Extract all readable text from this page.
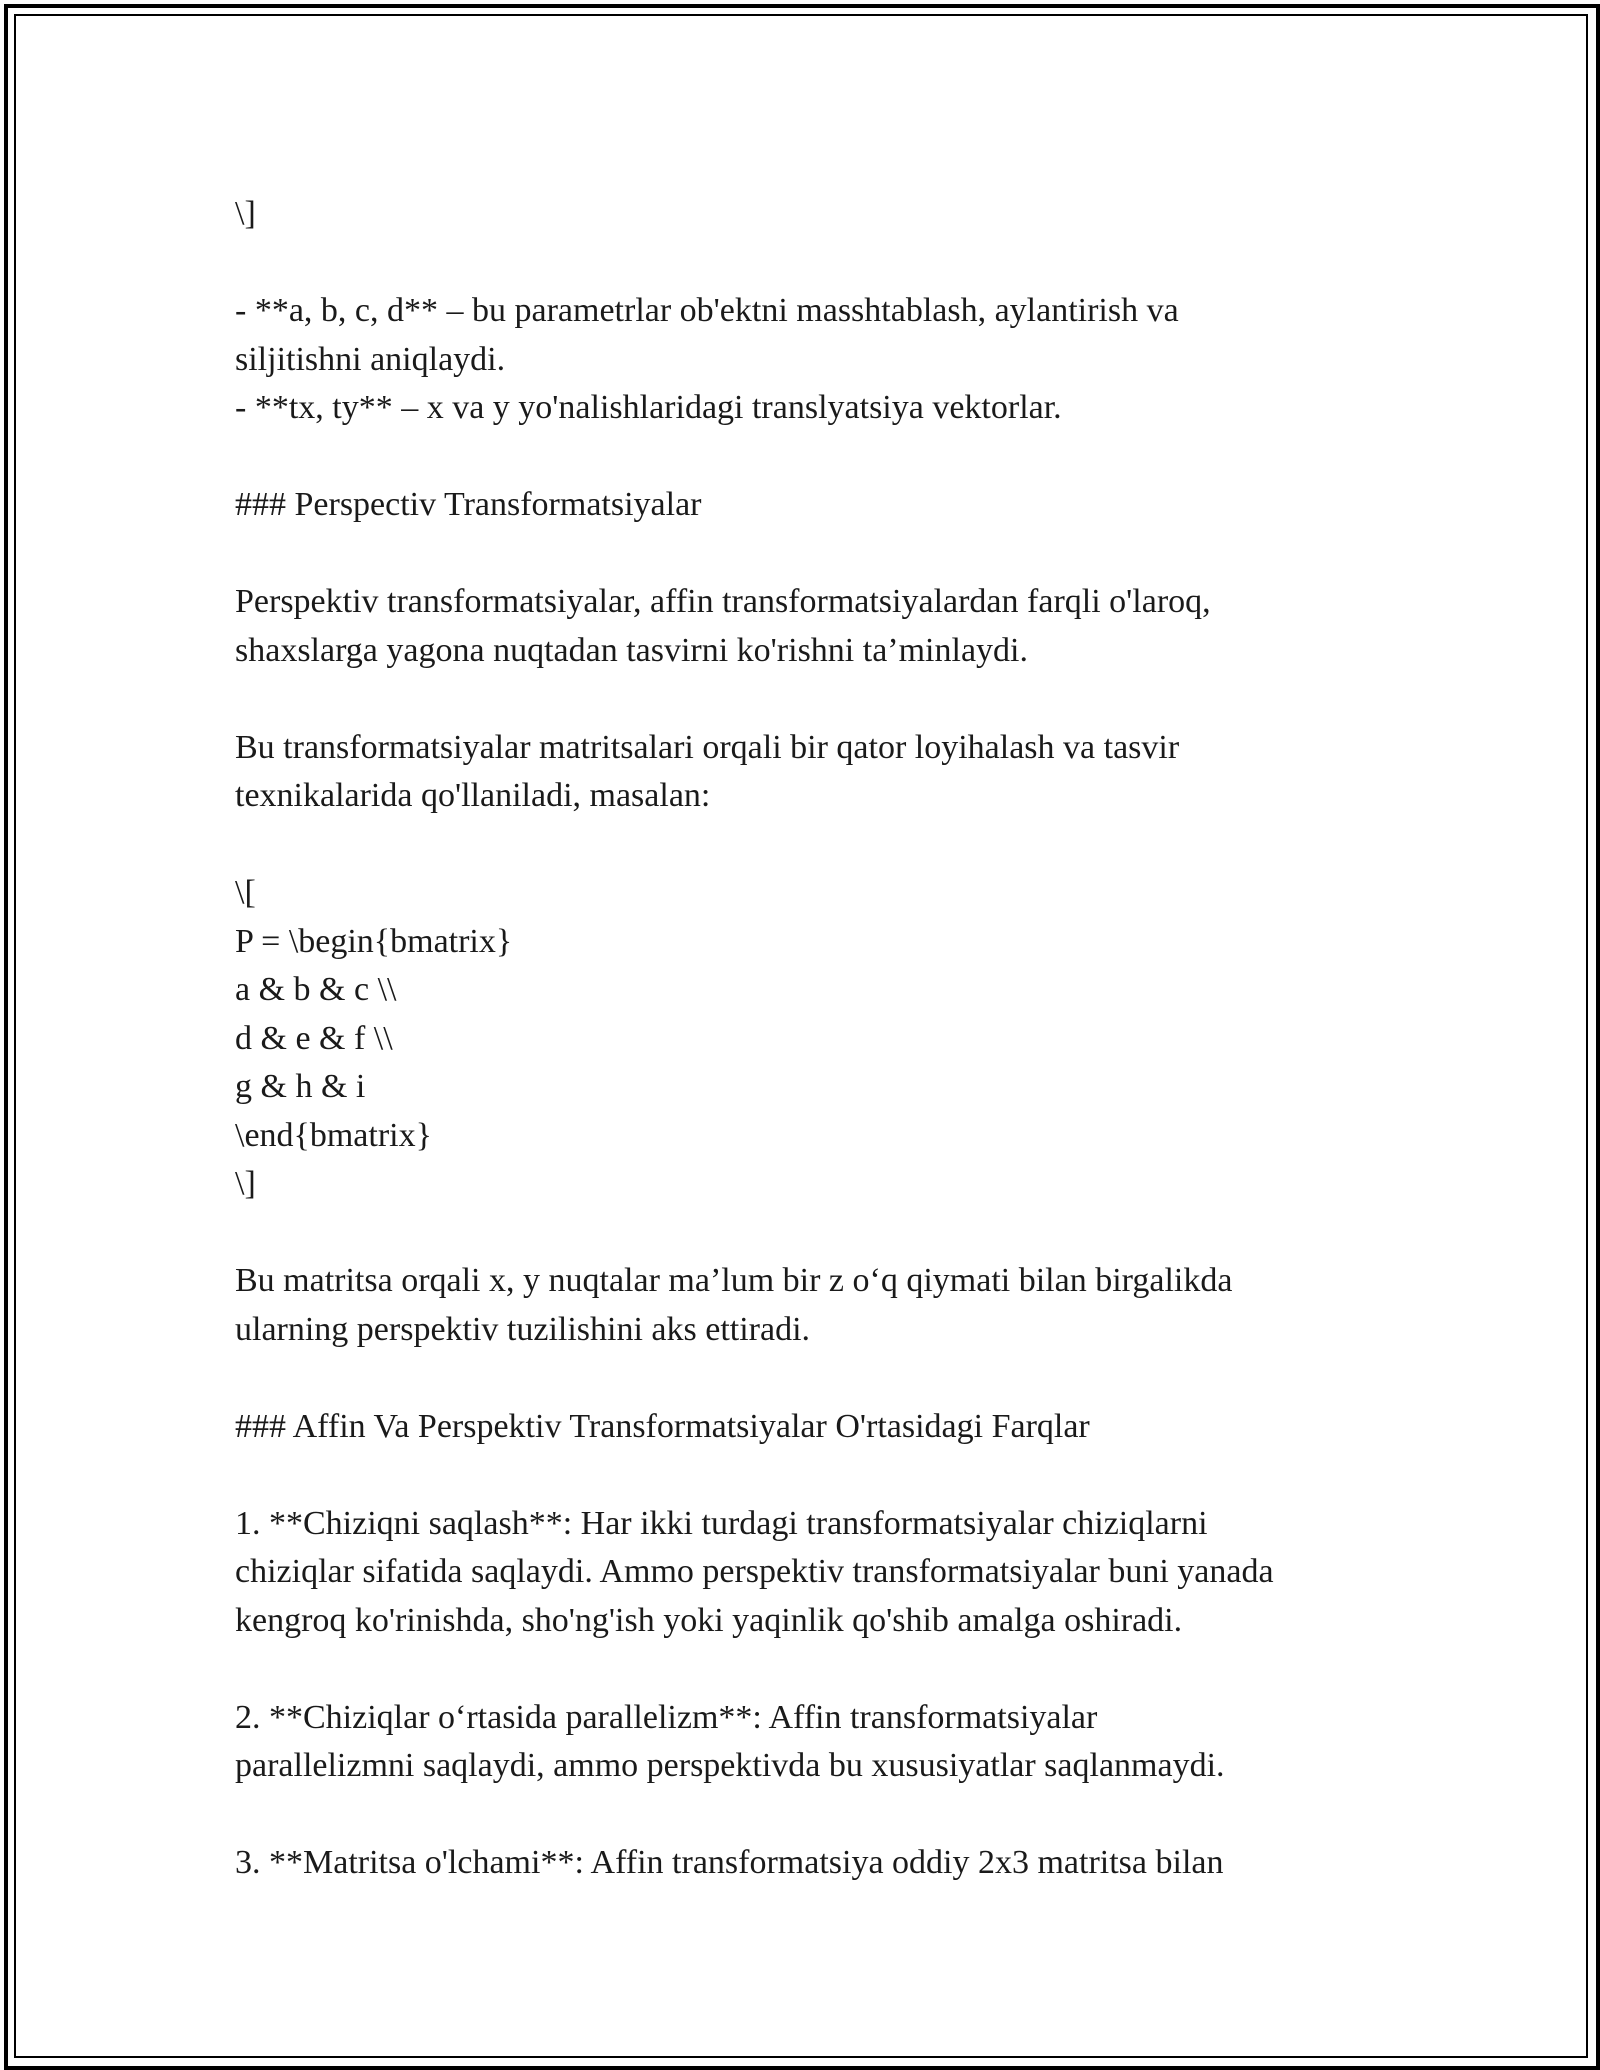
\]
- **a, b, c, d** – bu parametrlar ob'ektni masshtablash, aylantirish va
siljitishni aniqlaydi.
- **tx, ty** – x va y yo'nalishlaridagi translyatsiya vektorlar.
### Perspectiv Transformatsiyalar
Perspektiv transformatsiyalar, affin transformatsiyalardan farqli o'laroq,
shaxslarga yagona nuqtadan tasvirni ko'rishni ta’minlaydi.
Bu transformatsiyalar matritsalari orqali bir qator loyihalash va tasvir
texnikalarida qo'llaniladi, masalan:
\[
P = \begin{bmatrix}
a & b & c \\
d & e & f \\
g & h & i
\end{bmatrix}
\]
Bu matritsa orqali x, y nuqtalar ma’lum bir z o‘q qiymati bilan birgalikda
ularning perspektiv tuzilishini aks ettiradi.
### Affin Va Perspektiv Transformatsiyalar O'rtasidagi Farqlar
1. **Chiziqni saqlash**: Har ikki turdagi transformatsiyalar chiziqlarni
chiziqlar sifatida saqlaydi. Ammo perspektiv transformatsiyalar buni yanada
kengroq ko'rinishda, sho'ng'ish yoki yaqinlik qo'shib amalga oshiradi.
2. **Chiziqlar o‘rtasida parallelizm**: Affin transformatsiyalar
parallelizmni saqlaydi, ammo perspektivda bu xususiyatlar saqlanmaydi.
3. **Matritsa o'lchami**: Affin transformatsiya oddiy 2x3 matritsa bilan
